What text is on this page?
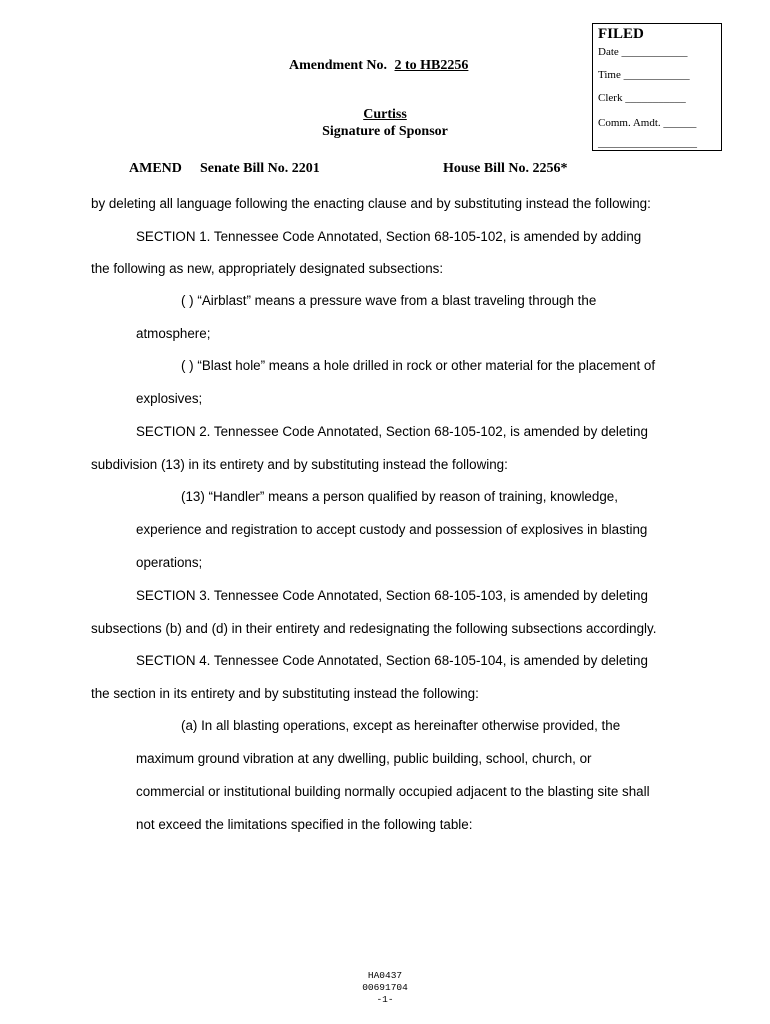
FILED
Date ____________
Time ____________
Clerk ___________
Comm. Amdt. ______
__________________
Amendment No. 2 to HB2256
Curtiss
Signature of Sponsor
AMEND Senate Bill No. 2201	House Bill No. 2256*
by deleting all language following the enacting clause and by substituting instead the following:
SECTION 1. Tennessee Code Annotated, Section 68-105-102, is amended by adding
the following as new, appropriately designated subsections:
( ) “Airblast” means a pressure wave from a blast traveling through the
atmosphere;
( ) “Blast hole” means a hole drilled in rock or other material for the placement of
explosives;
SECTION 2. Tennessee Code Annotated, Section 68-105-102, is amended by deleting
subdivision (13) in its entirety and by substituting instead the following:
(13) “Handler” means a person qualified by reason of training, knowledge,
experience and registration to accept custody and possession of explosives in blasting
operations;
SECTION 3. Tennessee Code Annotated, Section 68-105-103, is amended by deleting
subsections (b) and (d) in their entirety and redesignating the following subsections accordingly.
SECTION 4. Tennessee Code Annotated, Section 68-105-104, is amended by deleting
the section in its entirety and by substituting instead the following:
(a) In all blasting operations, except as hereinafter otherwise provided, the
maximum ground vibration at any dwelling, public building, school, church, or
commercial or institutional building normally occupied adjacent to the blasting site shall
not exceed the limitations specified in the following table:
HA0437
00691704
-1-
